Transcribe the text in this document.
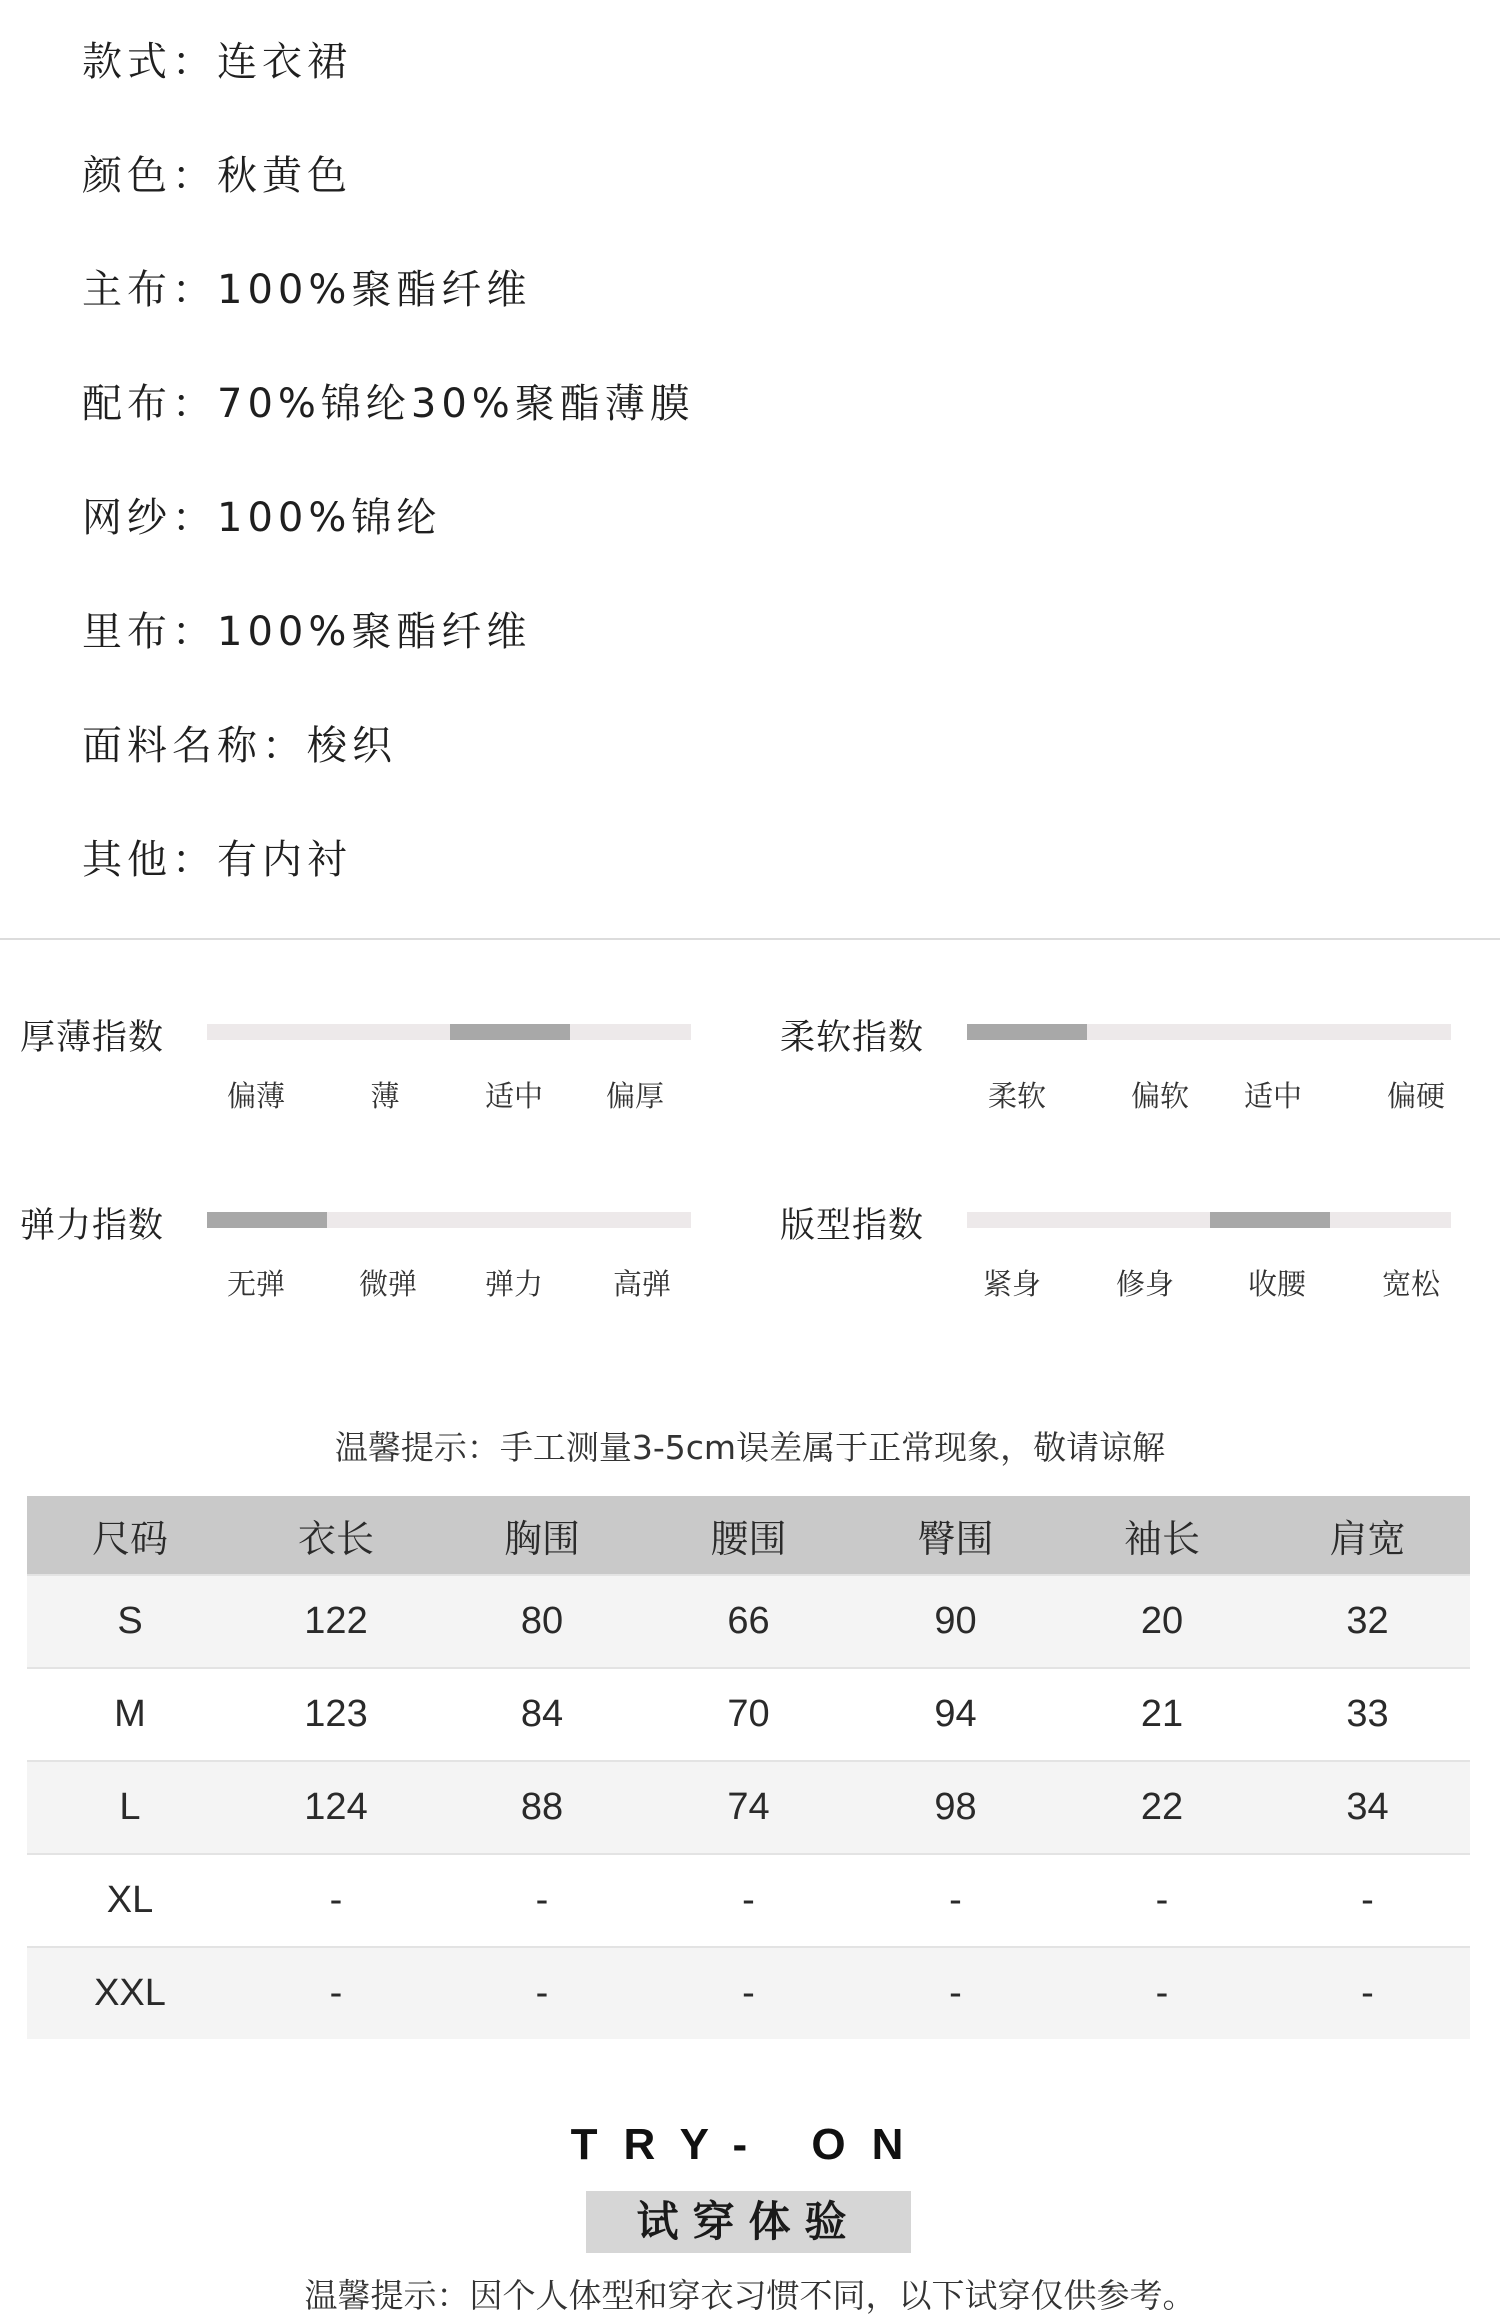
款式：连衣裙
颜色：秋黄色
主布：100%聚酯纤维
配布：70%锦纶30%聚酯薄膜
网纱：100%锦纶
里布：100%聚酯纤维
面料名称：梭织
其他：有内衬
厚薄指数
偏薄	薄	适中	偏厚
柔软指数
柔软	偏软	适中	偏硬
弹力指数
无弹	微弹	弹力	高弹
版型指数
紧身	修身	收腰	宽松
温馨提示：手工测量3-5cm误差属于正常现象，敬请谅解
尺码	衣长	胸围	腰围	臀围	袖长	肩宽
S	122	80	66	90	20	32
M	123	84	70	94	21	33
L	124	88	74	98	22	34
XL	-	-	-	-	-	-
XXL	-	-	-	-	-	-
TRY- ON
试穿体验
温馨提示：因个人体型和穿衣习惯不同，以下试穿仅供参考。
